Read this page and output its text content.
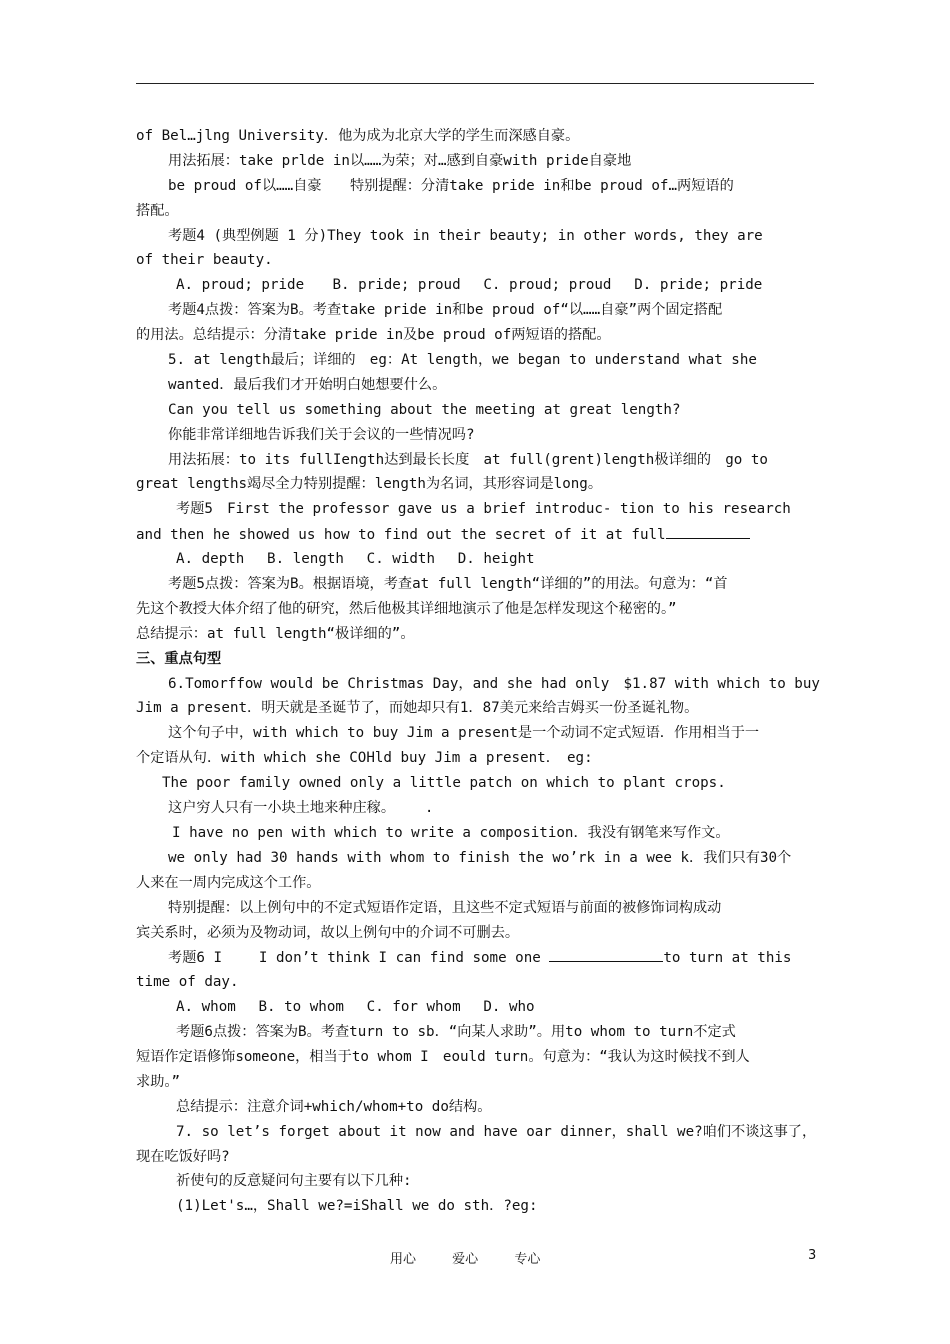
of Bel…jlng University．他为成为北京大学的学生而深感自豪。
用法拓展：take prlde in以……为荣；对…感到自豪with pride自豪地
be proud of以……自豪　　特别提醒：分清take pride in和be proud of…两短语的
搭配。
考题4 (典型例题 1 分)They took in their beauty; in other words, they are
of their beauty.
A. proud; pride　　B. pride; proud　 C. proud; proud　 D. pride; pride
考题4点拨：答案为B。考查take pride in和be proud of“以……自豪”两个固定搭配
的用法。总结提示：分清take pride in及be proud of两短语的搭配。
5. at length最后；详细的　eg：At length，we began to understand what she
wanted．最后我们才开始明白她想要什么。
Can you tell us something about the meeting at great length?
你能非常详细地告诉我们关于会议的一些情况吗?
用法拓展：to its fullIength达到最长长度　at full(grent)length极详细的　go to
great lengths竭尽全力特别提醒：length为名词，其形容词是long。
考题5　First the professor gave us a brief introduc- tion to his research
and then he showed us how to find out the secret of it at full
A. depth　 B. length　 C. width　 D. height
考题5点拨：答案为B。根据语境，考查at full length“详细的”的用法。句意为：“首
先这个教授大体介绍了他的研究，然后他极其详细地演示了他是怎样发现这个秘密的。”
总结提示：at full length“极详细的”。
三、重点句型
6.Tomorffow would be Christmas Day，and she had only　$1.87 with which to buy
Jim a present．明天就是圣诞节了，而她却只有1．87美元来给吉姆买一份圣诞礼物。
这个句子中，with which to buy Jim a present是一个动词不定式短语．作用相当于一
个定语从句．with which she COHld buy Jim a present．　eg:
The poor family owned only a little patch on which to plant crops.
这户穷人只有一小块土地来种庄稼。　　 .
I have no pen with which to write a composition．我没有钢笔来写作文。
we only had 30 hands with whom to finish the wo’rk in a wee k．我们只有30个
人来在一周内完成这个工作。
特别提醒：以上例句中的不定式短语作定语，且这些不定式短语与前面的被修饰词构成动
宾关系时，必须为及物动词，故以上例句中的介词不可删去。
考题6 I　　 I don’t think I can find some one	to turn at this
time of day.
A. whom　 B. to whom　 C. for whom　 D. who
考题6点拨：答案为B。考查turn to sb．“向某人求助”。用to whom to turn不定式
短语作定语修饰someone，相当于to whom I　eould turn。句意为：“我认为这时候找不到人
求助。”
总结提示：注意介词+which/whom+to do结构。
7. so let’s forget about it now and have oar dinner，shall we?咱们不谈这事了，
现在吃饭好吗?
祈使句的反意疑问句主要有以下几种:
(1)Let's…，Shall we?=iShall we do sth．?eg:
用心	爱心	专心	3
